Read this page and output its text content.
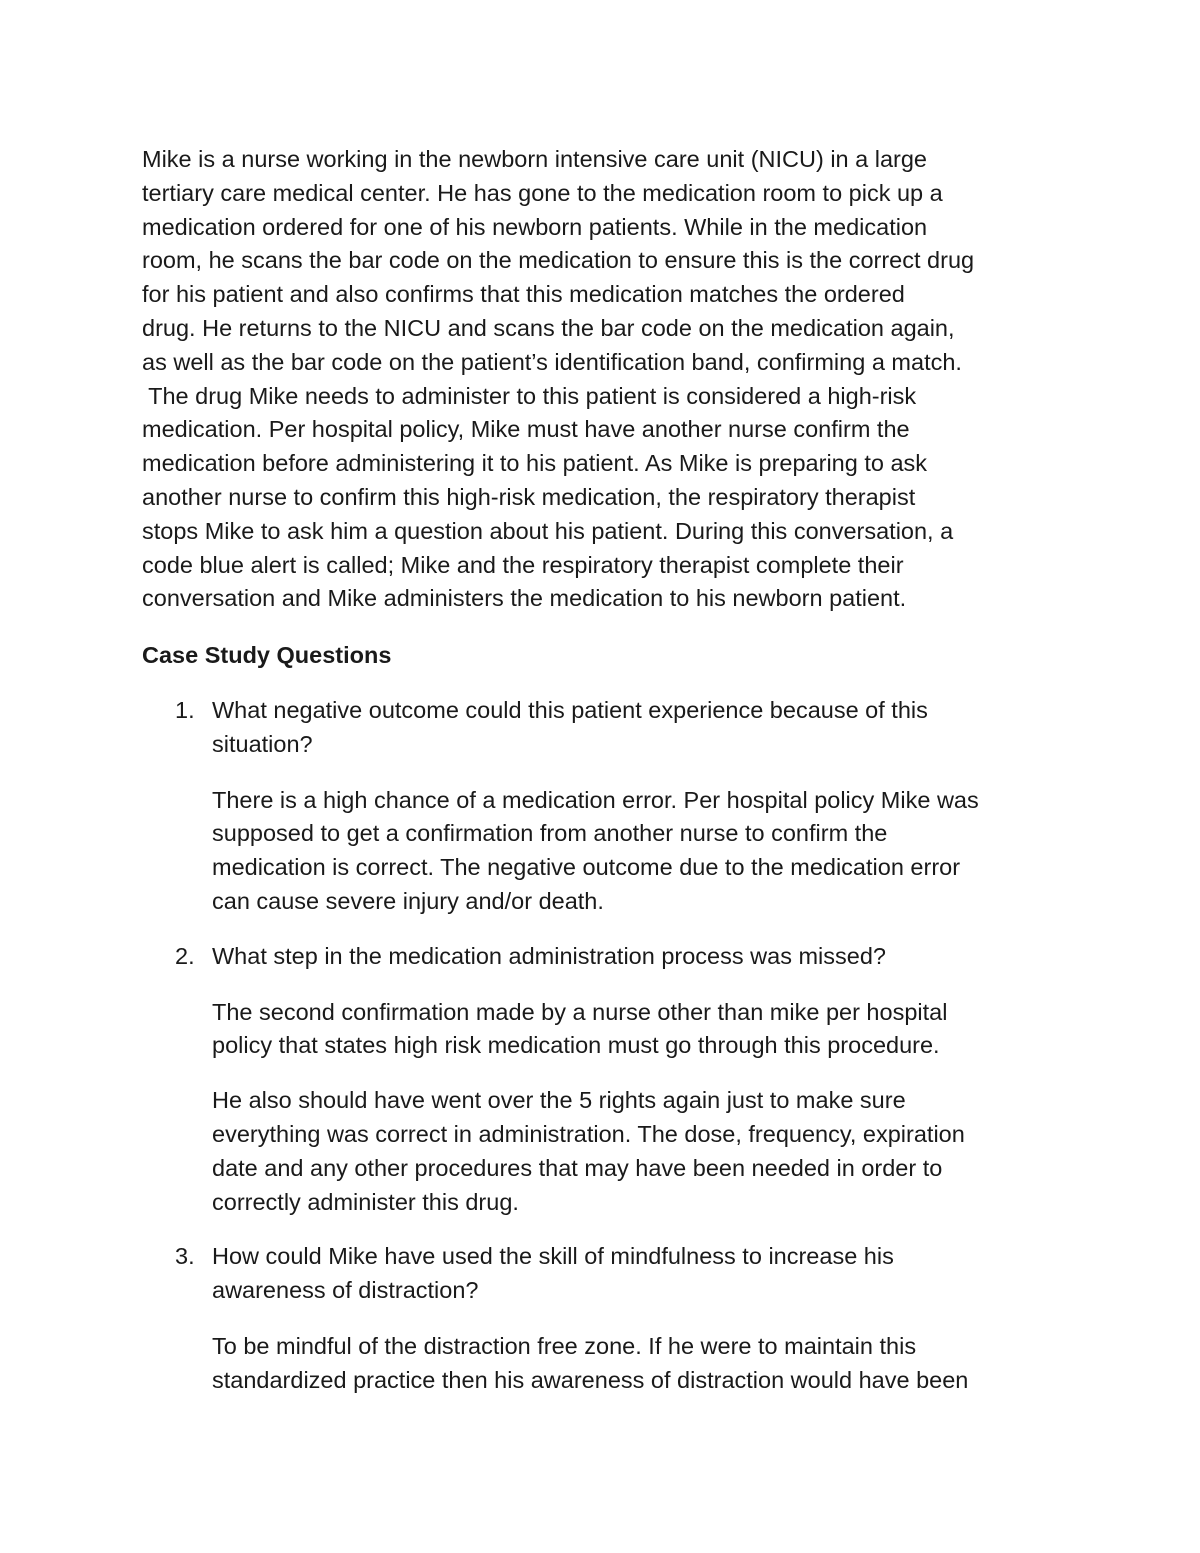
Mike is a nurse working in the newborn intensive care unit (NICU) in a large
tertiary care medical center. He has gone to the medication room to pick up a
medication ordered for one of his newborn patients. While in the medication
room, he scans the bar code on the medication to ensure this is the correct drug
for his patient and also confirms that this medication matches the ordered
drug. He returns to the NICU and scans the bar code on the medication again,
as well as the bar code on the patient’s identification band, confirming a match.
The drug Mike needs to administer to this patient is considered a high-risk
medication. Per hospital policy, Mike must have another nurse confirm the
medication before administering it to his patient. As Mike is preparing to ask
another nurse to confirm this high-risk medication, the respiratory therapist
stops Mike to ask him a question about his patient. During this conversation, a
code blue alert is called; Mike and the respiratory therapist complete their
conversation and Mike administers the medication to his newborn patient.
Case Study Questions
1. What negative outcome could this patient experience because of this
situation?
There is a high chance of a medication error. Per hospital policy Mike was
supposed to get a confirmation from another nurse to confirm the
medication is correct. The negative outcome due to the medication error
can cause severe injury and/or death.
2. What step in the medication administration process was missed?
The second confirmation made by a nurse other than mike per hospital
policy that states high risk medication must go through this procedure.
He also should have went over the 5 rights again just to make sure
everything was correct in administration. The dose, frequency, expiration
date and any other procedures that may have been needed in order to
correctly administer this drug.
3. How could Mike have used the skill of mindfulness to increase his
awareness of distraction?
To be mindful of the distraction free zone. If he were to maintain this
standardized practice then his awareness of distraction would have been
